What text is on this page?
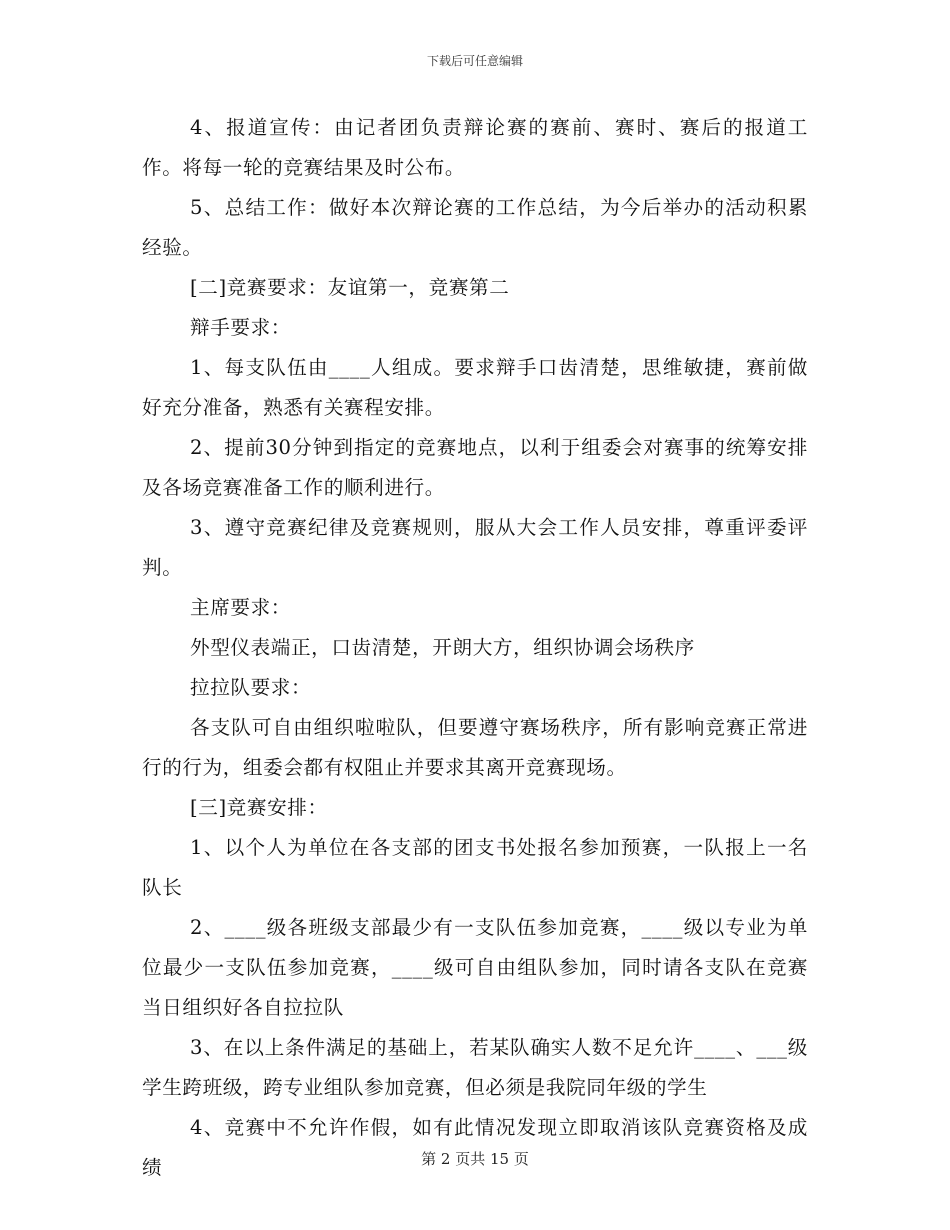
下载后可任意编辑

4、报道宣传：由记者团负责辩论赛的赛前、赛时、赛后的报道工作。将每一轮的竞赛结果及时公布。

5、总结工作：做好本次辩论赛的工作总结，为今后举办的活动积累经验。

[二]竞赛要求：友谊第一，竞赛第二

辩手要求：

1、每支队伍由____人组成。要求辩手口齿清楚，思维敏捷，赛前做好充分准备，熟悉有关赛程安排。

2、提前30分钟到指定的竞赛地点，以利于组委会对赛事的统筹安排及各场竞赛准备工作的顺利进行。

3、遵守竞赛纪律及竞赛规则，服从大会工作人员安排，尊重评委评判。

主席要求：

外型仪表端正，口齿清楚，开朗大方，组织协调会场秩序

拉拉队要求：

各支队可自由组织啦啦队，但要遵守赛场秩序，所有影响竞赛正常进行的行为，组委会都有权阻止并要求其离开竞赛现场。

[三]竞赛安排：

1、以个人为单位在各支部的团支书处报名参加预赛，一队报上一名队长

2、____级各班级支部最少有一支队伍参加竞赛，____级以专业为单位最少一支队伍参加竞赛，____级可自由组队参加，同时请各支队在竞赛当日组织好各自拉拉队

3、在以上条件满足的基础上，若某队确实人数不足允许____、___级学生跨班级，跨专业组队参加竞赛，但必须是我院同年级的学生

4、竞赛中不允许作假，如有此情况发现立即取消该队竞赛资格及成绩	第 2 页共 15 页
